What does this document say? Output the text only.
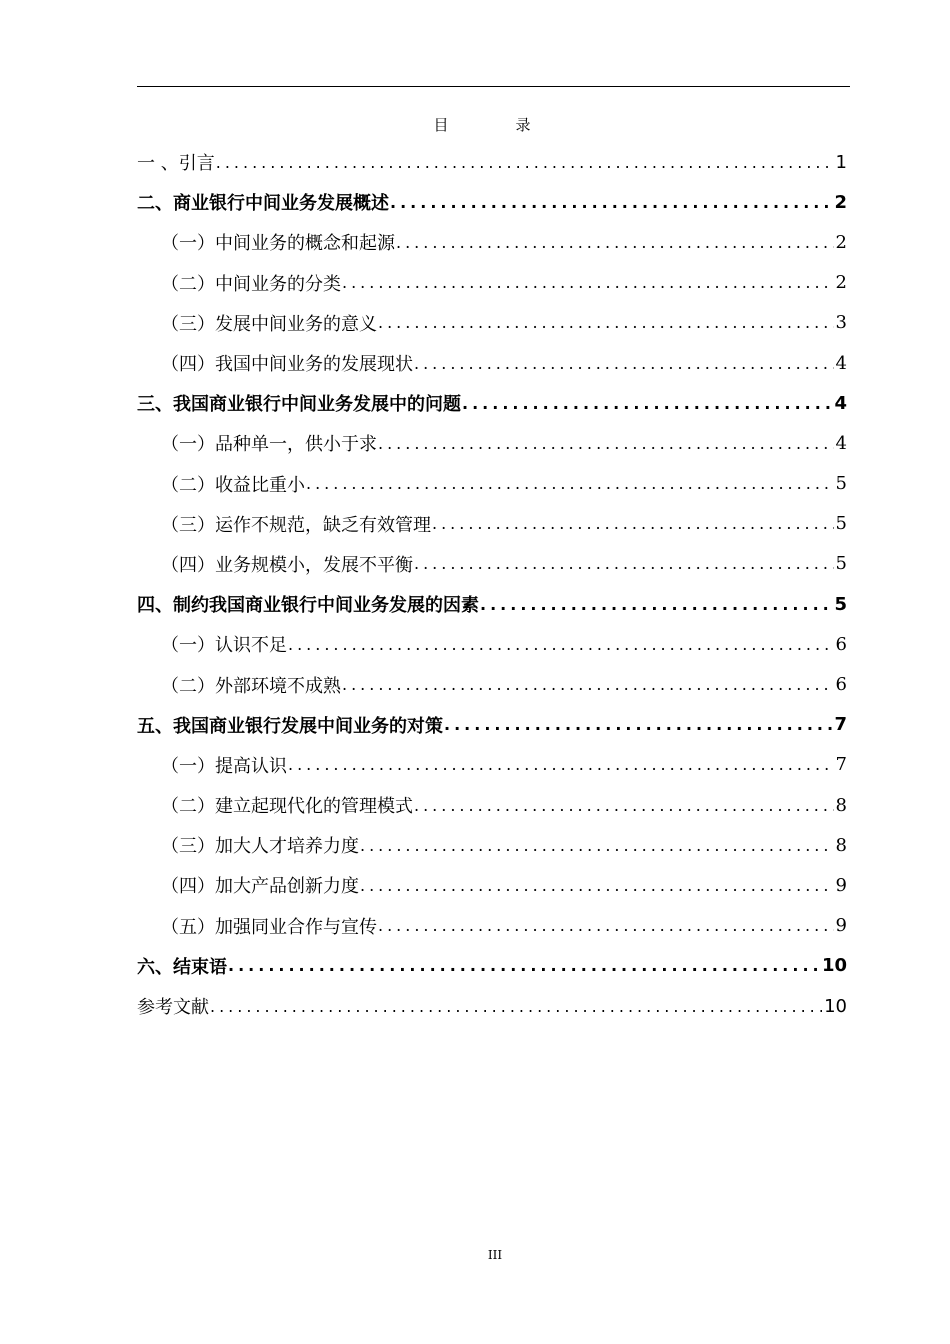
目　录
一 、引言 .....	1
二、商业银行中间业务发展概述 .....	2
（一）中间业务的概念和起源 .....	2
（二）中间业务的分类 .....	2
（三）发展中间业务的意义 .....	3
（四）我国中间业务的发展现状 .....	4
三、我国商业银行中间业务发展中的问题 .....	4
（一）品种单一，供小于求 .....	4
（二）收益比重小 .....	5
（三）运作不规范，缺乏有效管理 .....	5
（四）业务规模小，发展不平衡 .....	5
四、制约我国商业银行中间业务发展的因素 .....	5
（一）认识不足 .....	6
（二）外部环境不成熟 .....	6
五、我国商业银行发展中间业务的对策 .....	7
（一）提高认识 .....	7
（二）建立起现代化的管理模式 .....	8
（三）加大人才培养力度 .....	8
（四）加大产品创新力度 .....	9
（五）加强同业合作与宣传 .....	9
六、结束语 .....	10
参考文献 .....	10
III
